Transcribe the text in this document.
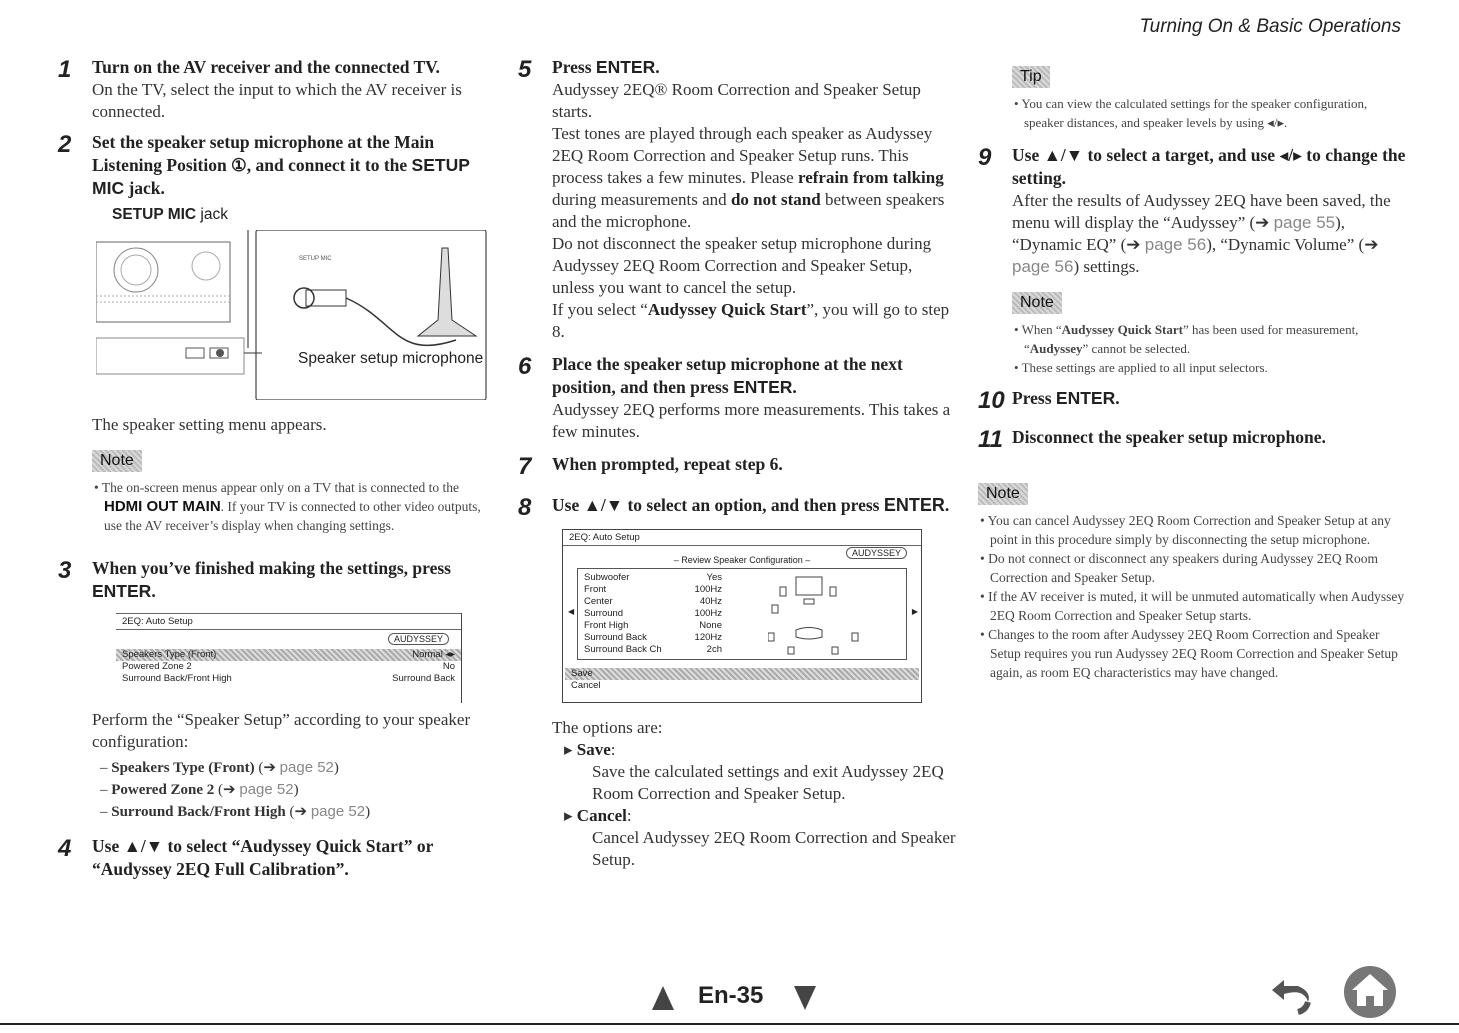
Turning On & Basic Operations
1 Turn on the AV receiver and the connected TV.
On the TV, select the input to which the AV receiver is connected.
2 Set the speaker setup microphone at the Main Listening Position ①, and connect it to the SETUP MIC jack.
SETUP MIC jack
SETUP MIC
Speaker setup microphone
The speaker setting menu appears.
Note
• The on-screen menus appear only on a TV that is connected to the HDMI OUT MAIN. If your TV is connected to other video outputs, use the AV receiver’s display when changing settings.
3 When you’ve finished making the settings, press ENTER.
2EQ: Auto Setup
AUDYSSEY
Speakers Type (Front)	Normal ◂▸
Powered Zone 2	No
Surround Back/Front High	Surround Back
Perform the “Speaker Setup” according to your speaker configuration:
– Speakers Type (Front) (➔ page 52)
– Powered Zone 2 (➔ page 52)
– Surround Back/Front High (➔ page 52)
4 Use ▲/▼ to select “Audyssey Quick Start” or “Audyssey 2EQ Full Calibration”.
5 Press ENTER.
Audyssey 2EQ® Room Correction and Speaker Setup starts.
Test tones are played through each speaker as Audyssey 2EQ Room Correction and Speaker Setup runs. This process takes a few minutes. Please refrain from talking during measurements and do not stand between speakers and the microphone.
Do not disconnect the speaker setup microphone during Audyssey 2EQ Room Correction and Speaker Setup, unless you want to cancel the setup.
If you select “Audyssey Quick Start”, you will go to step 8.
6 Place the speaker setup microphone at the next position, and then press ENTER.
Audyssey 2EQ performs more measurements. This takes a few minutes.
7 When prompted, repeat step 6.
8 Use ▲/▼ to select an option, and then press ENTER.
2EQ: Auto Setup
AUDYSSEY
– Review Speaker Configuration –
Subwoofer	Yes
Front	100Hz
Center	40Hz
Surround	100Hz
Front High	None
Surround Back	120Hz
Surround Back Ch	2ch
◀	▶
Save
Cancel
The options are:
▸ Save:
Save the calculated settings and exit Audyssey 2EQ Room Correction and Speaker Setup.
▸ Cancel:
Cancel Audyssey 2EQ Room Correction and Speaker Setup.
Tip
• You can view the calculated settings for the speaker configuration, speaker distances, and speaker levels by using ◂/▸.
9 Use ▲/▼ to select a target, and use ◂/▸ to change the setting.
After the results of Audyssey 2EQ have been saved, the menu will display the “Audyssey” (➔ page 55), “Dynamic EQ” (➔ page 56), “Dynamic Volume” (➔ page 56) settings.
Note
• When “Audyssey Quick Start” has been used for measurement, “Audyssey” cannot be selected.
• These settings are applied to all input selectors.
10 Press ENTER.
11 Disconnect the speaker setup microphone.
Note
• You can cancel Audyssey 2EQ Room Correction and Speaker Setup at any point in this procedure simply by disconnecting the setup microphone.
• Do not connect or disconnect any speakers during Audyssey 2EQ Room Correction and Speaker Setup.
• If the AV receiver is muted, it will be unmuted automatically when Audyssey 2EQ Room Correction and Speaker Setup starts.
• Changes to the room after Audyssey 2EQ Room Correction and Speaker Setup requires you run Audyssey 2EQ Room Correction and Speaker Setup again, as room EQ characteristics may have changed.
En-35
